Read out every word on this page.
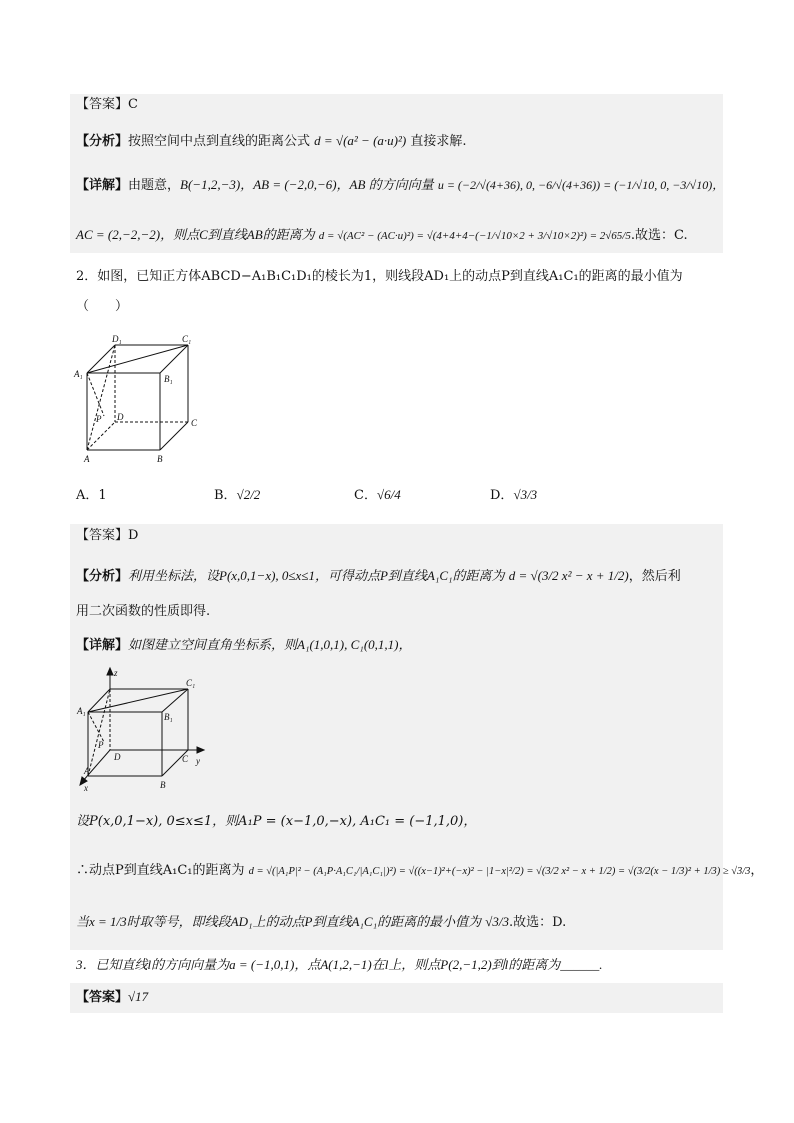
【答案】C
【分析】按照空间中点到直线的距离公式 d = √(a² − (a·u)²) 直接求解.
【详解】由题意，B(−1,2,−3)，AB = (−2,0,−6)，AB 的方向向量 u = (−2/√(4+36), 0, −6/√(4+36)) = (−1/√10, 0, −3/√10)，
AC = (2,−2,−2)，则点C到直线AB的距离为 d = √(AC² − (AC·u)²) = √(4+4+4−(−1/√10×2 + 3/√10×2)²) = 2√65/5.故选：C.
2．如图，已知正方体ABCD−A₁B₁C₁D₁的棱长为1，则线段AD₁上的动点P到直线A₁C₁的距离的最小值为
（　　）
D₁	C₁
A₁	B₁
P D
C
A	B
A．1	B．√2/2	C．√6/4	D．√3/3
【答案】D
【分析】利用坐标法，设P(x,0,1−x), 0≤x≤1，可得动点P到直线A₁C₁的距离为 d = √(3/2 x² − x + 1/2)，然后利
用二次函数的性质即得.
【详解】如图建立空间直角坐标系，则A₁(1,0,1), C₁(0,1,1)，
z
C₁
A₁
B₁
P
D	C y
A
x	B
设P(x,0,1−x), 0≤x≤1，则A₁P = (x−1,0,−x), A₁C₁ = (−1,1,0)，
∴动点P到直线A₁C₁的距离为 d = √(|A₁P|² − (A₁P·A₁C₁/|A₁C₁|)²) = √((x−1)²+(−x)² − |1−x|²/2) = √(3/2 x² − x + 1/2) = √(3/2(x − 1/3)² + 1/3) ≥ √3/3，
当x = 1/3时取等号，即线段AD₁上的动点P到直线A₁C₁的距离的最小值为 √3/3.故选：D.
3．已知直线l的方向向量为a = (−1,0,1)，点A(1,2,−1)在l上，则点P(2,−1,2)到l的距离为______.
【答案】√17
